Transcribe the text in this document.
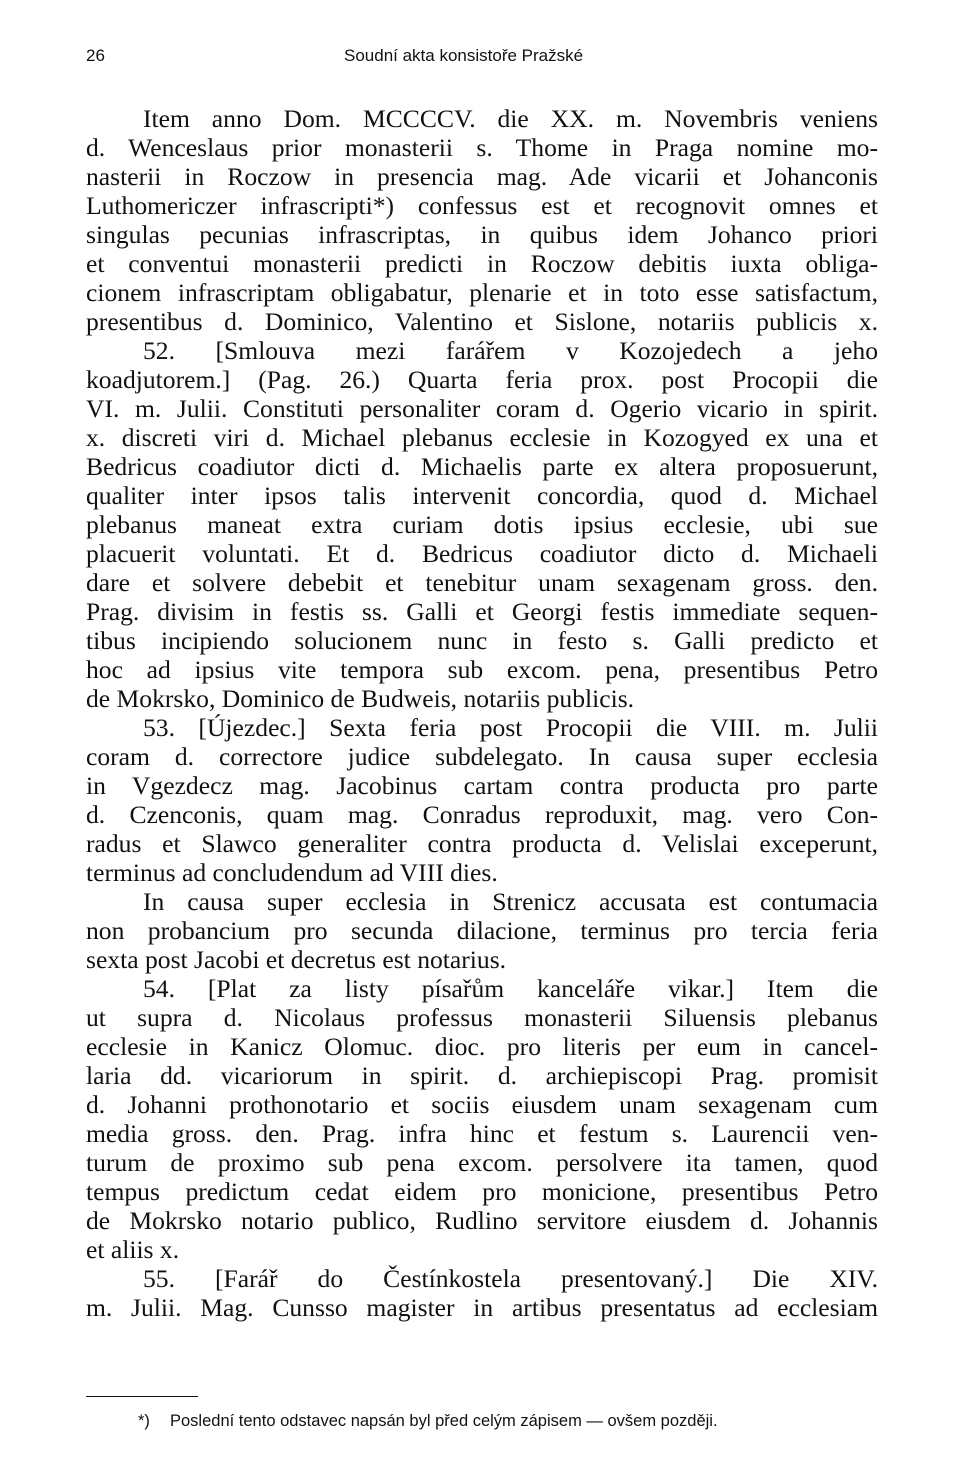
26	Soudní akta konsistoře Pražské
Item anno Dom. MCCCCV. die XX. m. Novembris veniens
d. Wenceslaus prior monasterii s. Thome in Praga nomine mo-
nasterii in Roczow in presencia mag. Ade vicarii et Johanconis
Luthomericzer infrascripti*) confessus est et recognovit omnes et
singulas pecunias infrascriptas, in quibus idem Johanco priori
et conventui monasterii predicti in Roczow debitis iuxta obliga-
cionem infrascriptam obligabatur, plenarie et in toto esse satisfactum,
presentibus d. Dominico, Valentino et Sislone, notariis publicis x.
52. [Smlouva mezi farářem v Kozojedech a jeho
koadjutorem.] (Pag. 26.) Quarta feria prox. post Procopii die
VI. m. Julii. Constituti personaliter coram d. Ogerio vicario in spirit.
x. discreti viri d. Michael plebanus ecclesie in Kozogyed ex una et
Bedricus coadiutor dicti d. Michaelis parte ex altera proposuerunt,
qualiter inter ipsos talis intervenit concordia, quod d. Michael
plebanus maneat extra curiam dotis ipsius ecclesie, ubi sue
placuerit voluntati. Et d. Bedricus coadiutor dicto d. Michaeli
dare et solvere debebit et tenebitur unam sexagenam gross. den.
Prag. divisim in festis ss. Galli et Georgi festis immediate sequen-
tibus incipiendo solucionem nunc in festo s. Galli predicto et
hoc ad ipsius vite tempora sub excom. pena, presentibus Petro
de Mokrsko, Dominico de Budweis, notariis publicis.
53. [Újezdec.] Sexta feria post Procopii die VIII. m. Julii
coram d. correctore judice subdelegato. In causa super ecclesia
in Vgezdecz mag. Jacobinus cartam contra producta pro parte
d. Czenconis, quam mag. Conradus reproduxit, mag. vero Con-
radus et Slawco generaliter contra producta d. Velislai exceperunt,
terminus ad concludendum ad VIII dies.
In causa super ecclesia in Strenicz accusata est contumacia
non probancium pro secunda dilacione, terminus pro tercia feria
sexta post Jacobi et decretus est notarius.
54. [Plat za listy písařům kanceláře vikar.] Item die
ut supra d. Nicolaus professus monasterii Siluensis plebanus
ecclesie in Kanicz Olomuc. dioc. pro literis per eum in cancel-
laria dd. vicariorum in spirit. d. archiepiscopi Prag. promisit
d. Johanni prothonotario et sociis eiusdem unam sexagenam cum
media gross. den. Prag. infra hinc et festum s. Laurencii ven-
turum de proximo sub pena excom. persolvere ita tamen, quod
tempus predictum cedat eidem pro monicione, presentibus Petro
de Mokrsko notario publico, Rudlino servitore eiusdem d. Johannis
et aliis x.
55. [Farář do Čestínkostela presentovaný.] Die XIV.
m. Julii. Mag. Cunsso magister in artibus presentatus ad ecclesiam
*) Poslední tento odstavec napsán byl před celým zápisem — ovšem později.
